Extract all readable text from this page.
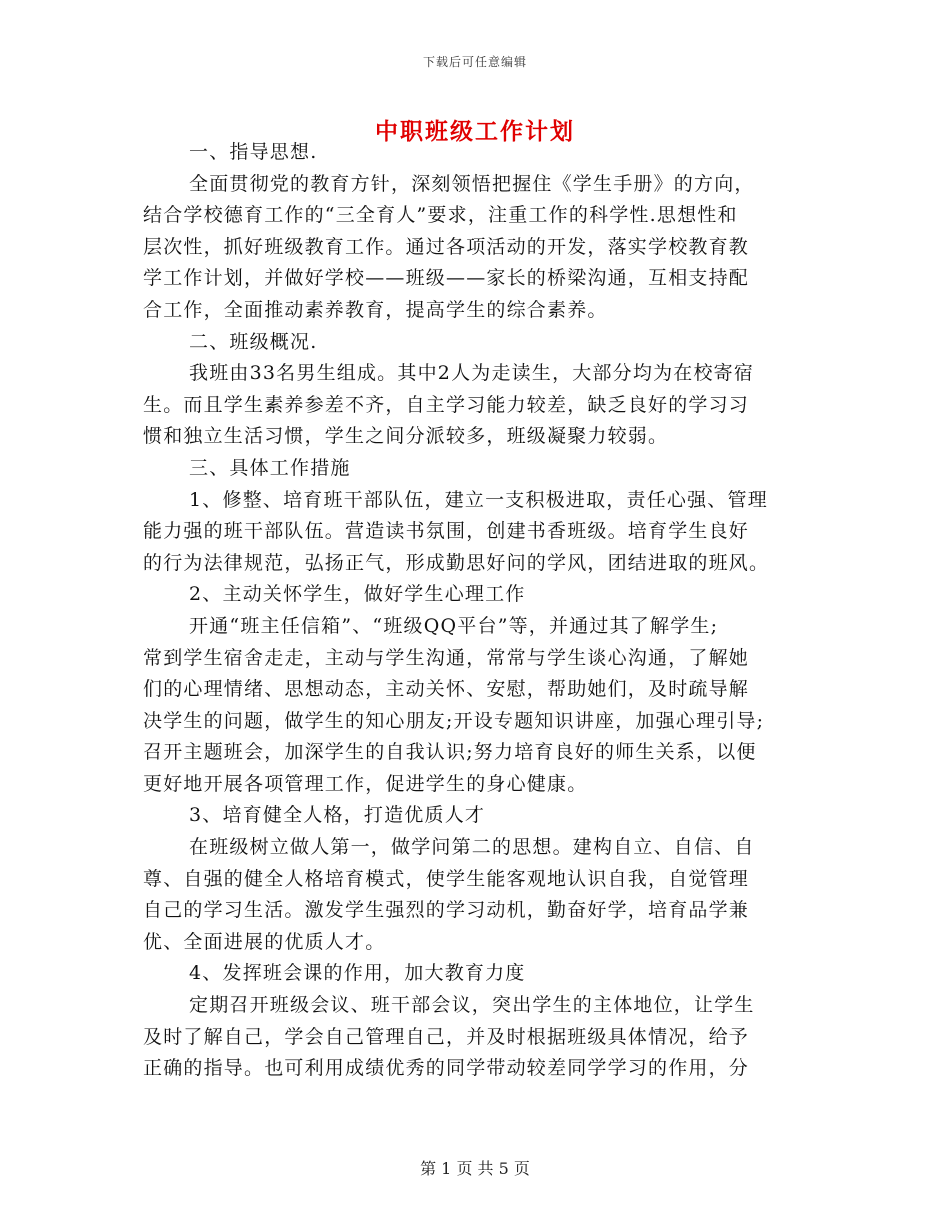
下载后可任意编辑
中职班级工作计划
一、指导思想.
全面贯彻党的教育方针，深刻领悟把握住《学生手册》的方向，
结合学校德育工作的“三全育人”要求，注重工作的科学性.思想性和
层次性，抓好班级教育工作。通过各项活动的开发，落实学校教育教
学工作计划，并做好学校——班级——家长的桥梁沟通，互相支持配
合工作，全面推动素养教育，提高学生的综合素养。
二、班级概况.
我班由33名男生组成。其中2人为走读生，大部分均为在校寄宿
生。而且学生素养参差不齐，自主学习能力较差，缺乏良好的学习习
惯和独立生活习惯，学生之间分派较多，班级凝聚力较弱。
三、具体工作措施
1、修整、培育班干部队伍，建立一支积极进取，责任心强、管理
能力强的班干部队伍。营造读书氛围，创建书香班级。培育学生良好
的行为法律规范，弘扬正气，形成勤思好问的学风，团结进取的班风。
2、主动关怀学生，做好学生心理工作
开通“班主任信箱”、“班级QQ平台”等，并通过其了解学生;
常到学生宿舍走走，主动与学生沟通，常常与学生谈心沟通，了解她
们的心理情绪、思想动态，主动关怀、安慰，帮助她们，及时疏导解
决学生的问题，做学生的知心朋友;开设专题知识讲座，加强心理引导;
召开主题班会，加深学生的自我认识;努力培育良好的师生关系，以便
更好地开展各项管理工作，促进学生的身心健康。
3、培育健全人格，打造优质人才
在班级树立做人第一，做学问第二的思想。建构自立、自信、自
尊、自强的健全人格培育模式，使学生能客观地认识自我，自觉管理
自己的学习生活。激发学生强烈的学习动机，勤奋好学，培育品学兼
优、全面进展的优质人才。
4、发挥班会课的作用，加大教育力度
定期召开班级会议、班干部会议，突出学生的主体地位，让学生
及时了解自己，学会自己管理自己，并及时根据班级具体情况，给予
正确的指导。也可利用成绩优秀的同学带动较差同学学习的作用，分
第 1 页 共 5 页
